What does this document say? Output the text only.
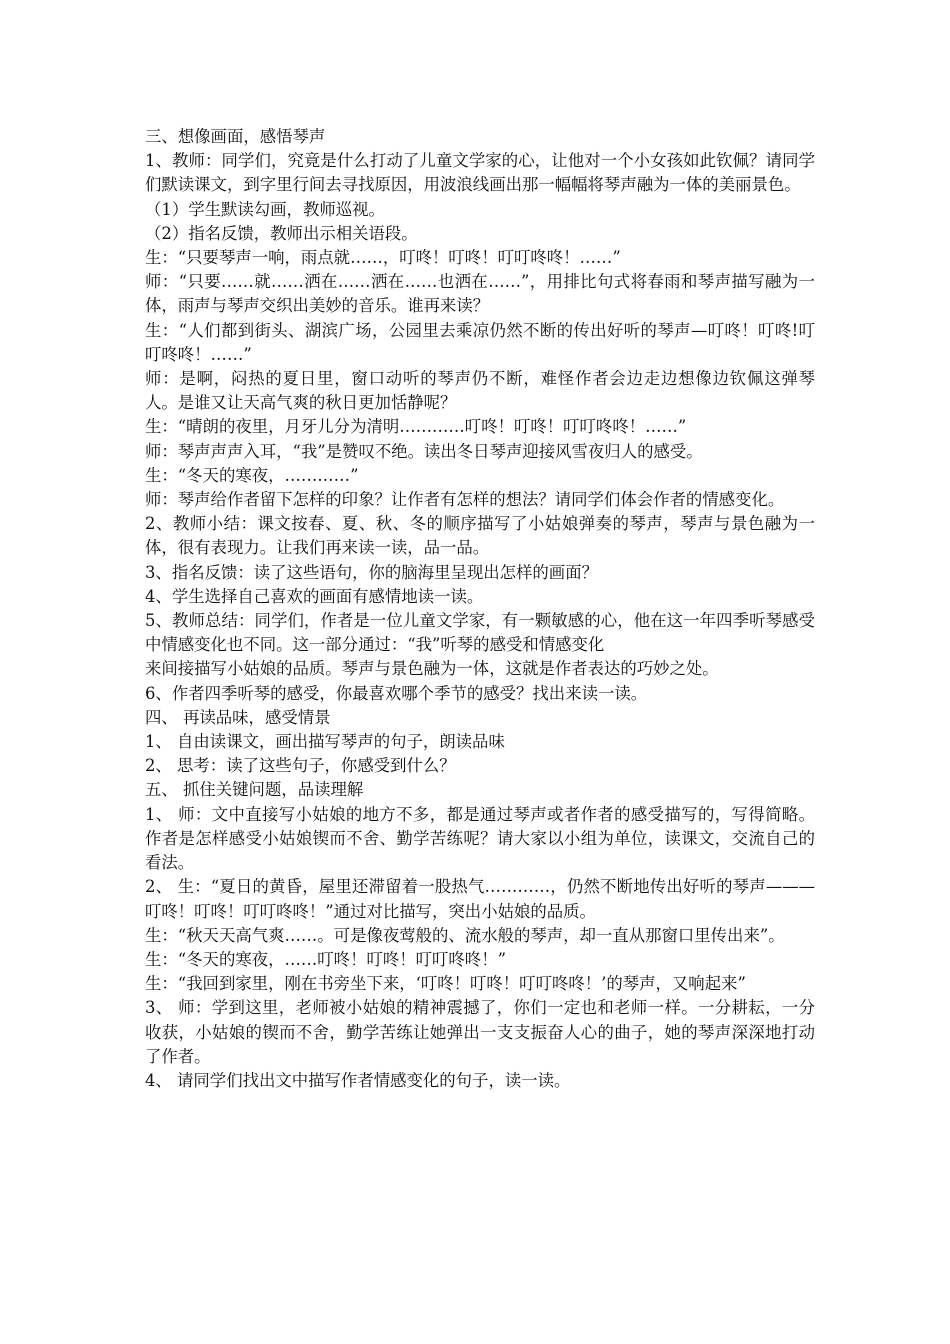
三、想像画面，感悟琴声

1、教师：同学们，究竟是什么打动了儿童文学家的心，让他对一个小女孩如此钦佩？请同学们默读课文，到字里行间去寻找原因，用波浪线画出那一幅幅将琴声融为一体的美丽景色。

（1）学生默读勾画，教师巡视。

（2）指名反馈，教师出示相关语段。

生：“只要琴声一响，雨点就……，叮咚！叮咚！叮叮咚咚！……”

师：“只要……就……洒在……洒在……也洒在……”，用排比句式将春雨和琴声描写融为一体，雨声与琴声交织出美妙的音乐。谁再来读？

生：“人们都到街头、湖滨广场，公园里去乘凉仍然不断的传出好听的琴声—叮咚！叮咚!叮叮咚咚！……”

师：是啊，闷热的夏日里，窗口动听的琴声仍不断，难怪作者会边走边想像边钦佩这弹琴人。是谁又让天高气爽的秋日更加恬静呢？

生：“晴朗的夜里，月牙儿分为清明…………叮咚！叮咚！叮叮咚咚！……”

师：琴声声声入耳，“我”是赞叹不绝。读出冬日琴声迎接风雪夜归人的感受。

生：“冬天的寒夜，…………”

师：琴声给作者留下怎样的印象？让作者有怎样的想法？请同学们体会作者的情感变化。

2、教师小结：课文按春、夏、秋、冬的顺序描写了小姑娘弹奏的琴声，琴声与景色融为一体，很有表现力。让我们再来读一读，品一品。

3、指名反馈：读了这些语句，你的脑海里呈现出怎样的画面？

4、学生选择自己喜欢的画面有感情地读一读。

5、教师总结：同学们，作者是一位儿童文学家，有一颗敏感的心，他在这一年四季听琴感受中情感变化也不同。这一部分通过：“我”听琴的感受和情感变化

来间接描写小姑娘的品质。琴声与景色融为一体，这就是作者表达的巧妙之处。

6、作者四季听琴的感受，你最喜欢哪个季节的感受？找出来读一读。

四、 再读品味，感受情景

1、 自由读课文，画出描写琴声的句子，朗读品味

2、 思考：读了这些句子，你感受到什么？

五、 抓住关键问题，品读理解

1、 师：文中直接写小姑娘的地方不多，都是通过琴声或者作者的感受描写的，写得简略。作者是怎样感受小姑娘锲而不舍、勤学苦练呢？请大家以小组为单位，读课文，交流自己的看法。

2、 生：“夏日的黄昏，屋里还滞留着一股热气…………，仍然不断地传出好听的琴声———叮咚！叮咚！叮叮咚咚！”通过对比描写，突出小姑娘的品质。

生：“秋天天高气爽……。可是像夜莺般的、流水般的琴声，却一直从那窗口里传出来”。

生：“冬天的寒夜，……叮咚！叮咚！叮叮咚咚！”

生：“我回到家里，刚在书旁坐下来，‘叮咚！叮咚！叮叮咚咚！’的琴声，又响起来”

3、 师：学到这里，老师被小姑娘的精神震撼了，你们一定也和老师一样。一分耕耘，一分收获，小姑娘的锲而不舍，勤学苦练让她弹出一支支振奋人心的曲子，她的琴声深深地打动了作者。

4、 请同学们找出文中描写作者情感变化的句子，读一读。
